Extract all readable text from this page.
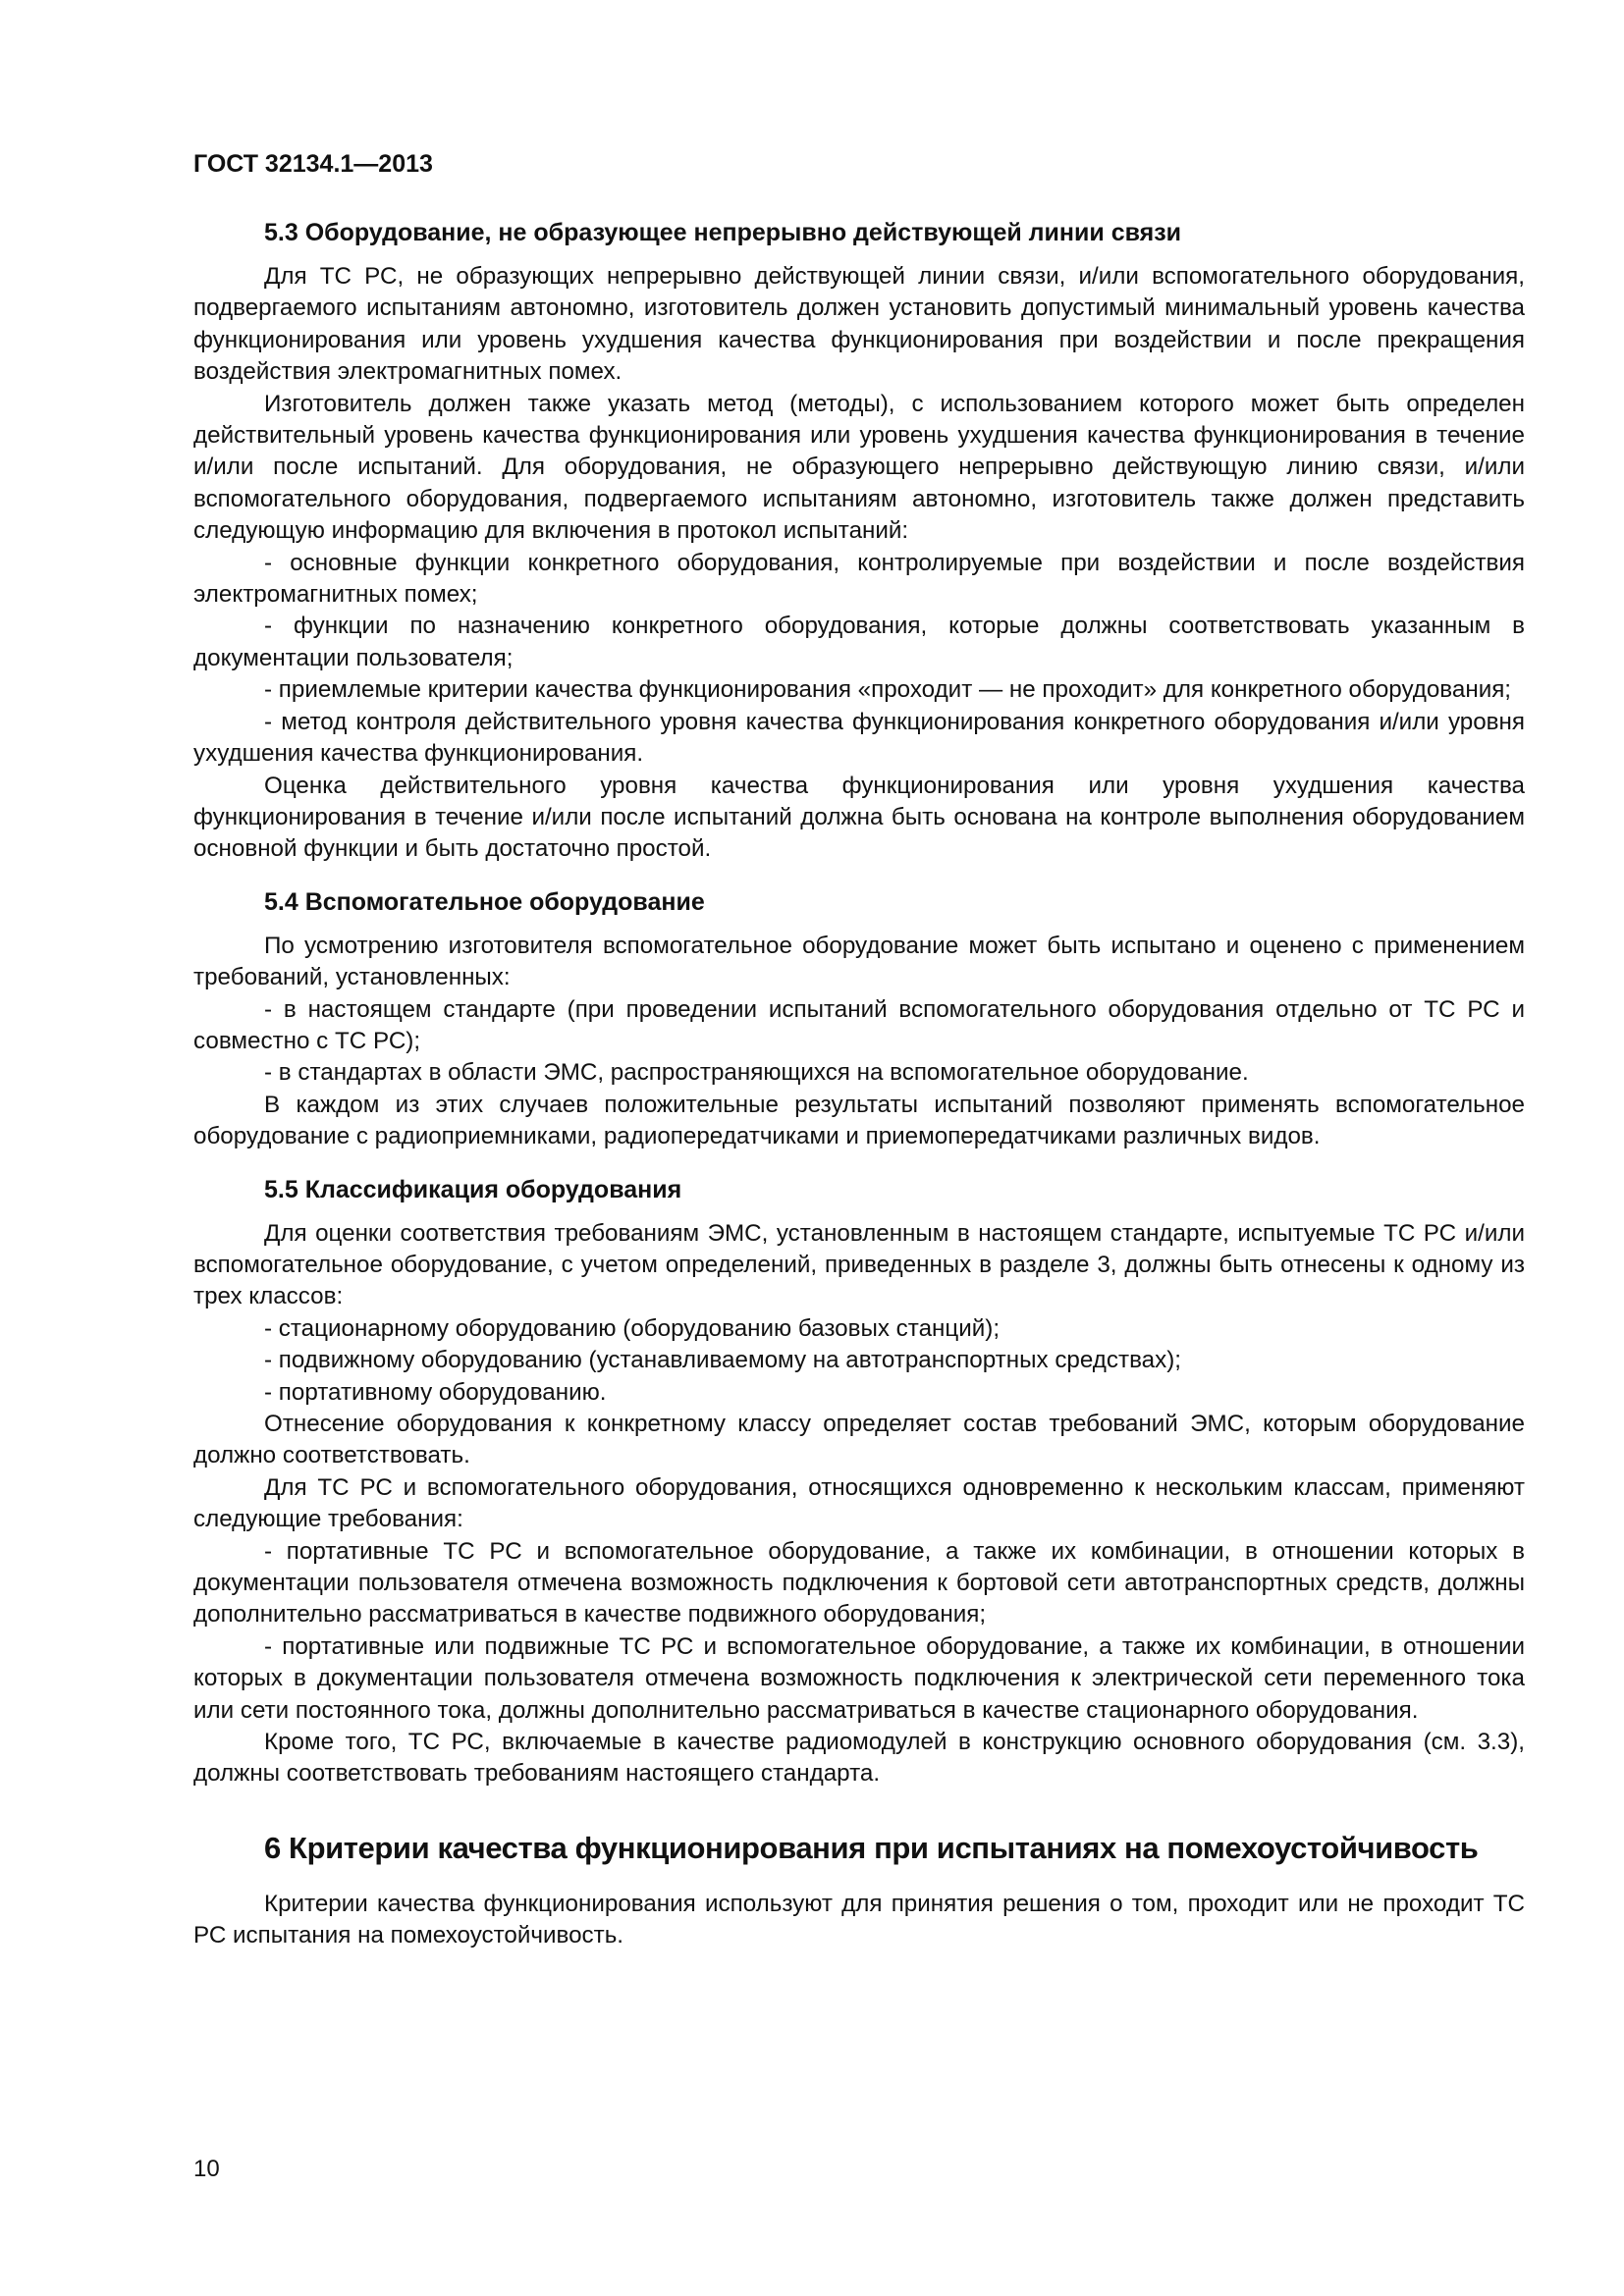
ГОСТ 32134.1—2013
5.3 Оборудование, не образующее непрерывно действующей линии связи

Для ТС РС, не образующих непрерывно действующей линии связи, и/или вспомогательного оборудования, подвергаемого испытаниям автономно, изготовитель должен установить допустимый минимальный уровень качества функционирования или уровень ухудшения качества функционирования при воздействии и после прекращения воздействия электромагнитных помех.

Изготовитель должен также указать метод (методы), с использованием которого может быть определен действительный уровень качества функционирования или уровень ухудшения качества функционирования в течение и/или после испытаний. Для оборудования, не образующего непрерывно действующую линию связи, и/или вспомогательного оборудования, подвергаемого испытаниям автономно, изготовитель также должен представить следующую информацию для включения в протокол испытаний:

- основные функции конкретного оборудования, контролируемые при воздействии и после воздействия электромагнитных помех;

- функции по назначению конкретного оборудования, которые должны соответствовать указанным в документации пользователя;

- приемлемые критерии качества функционирования «проходит — не проходит» для конкретного оборудования;

- метод контроля действительного уровня качества функционирования конкретного оборудования и/или уровня ухудшения качества функционирования.

Оценка действительного уровня качества функционирования или уровня ухудшения качества функционирования в течение и/или после испытаний должна быть основана на контроле выполнения оборудованием основной функции и быть достаточно простой.

5.4 Вспомогательное оборудование

По усмотрению изготовителя вспомогательное оборудование может быть испытано и оценено с применением требований, установленных:

- в настоящем стандарте (при проведении испытаний вспомогательного оборудования отдельно от ТС РС и совместно с ТС РС);

- в стандартах в области ЭМС, распространяющихся на вспомогательное оборудование.

В каждом из этих случаев положительные результаты испытаний позволяют применять вспомогательное оборудование с радиоприемниками, радиопередатчиками и приемопередатчиками различных видов.

5.5 Классификация оборудования

Для оценки соответствия требованиям ЭМС, установленным в настоящем стандарте, испытуемые ТС РС и/или вспомогательное оборудование, с учетом определений, приведенных в разделе 3, должны быть отнесены к одному из трех классов:

- стационарному оборудованию (оборудованию базовых станций);

- подвижному оборудованию (устанавливаемому на автотранспортных средствах);

- портативному оборудованию.

Отнесение оборудования к конкретному классу определяет состав требований ЭМС, которым оборудование должно соответствовать.

Для ТС РС и вспомогательного оборудования, относящихся одновременно к нескольким классам, применяют следующие требования:

- портативные ТС РС и вспомогательное оборудование, а также их комбинации, в отношении которых в документации пользователя отмечена возможность подключения к бортовой сети автотранспортных средств, должны дополнительно рассматриваться в качестве подвижного оборудования;

- портативные или подвижные ТС РС и вспомогательное оборудование, а также их комбинации, в отношении которых в документации пользователя отмечена возможность подключения к электрической сети переменного тока или сети постоянного тока, должны дополнительно рассматриваться в качестве стационарного оборудования.

Кроме того, ТС РС, включаемые в качестве радиомодулей в конструкцию основного оборудования (см. 3.3), должны соответствовать требованиям настоящего стандарта.

6 Критерии качества функционирования при испытаниях на помехоустойчивость

Критерии качества функционирования используют для принятия решения о том, проходит или не проходит ТС РС испытания на помехоустойчивость.

10
